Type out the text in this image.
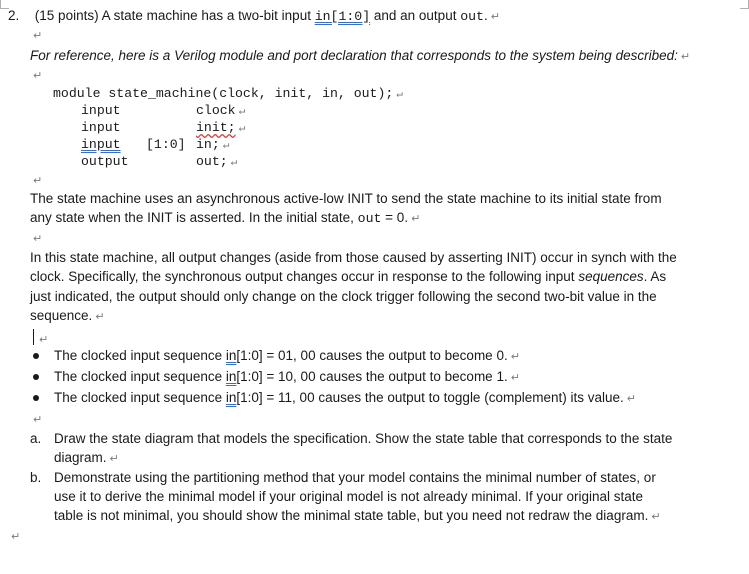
2. (15 points) A state machine has a two-bit input in[1:0] and an output out. ↵
↵
For reference, here is a Verilog module and port declaration that corresponds to the system being described: ↵
↵
module state_machine(clock, init, in, out); ↵
input	clock ↵
input	init; ↵
input [1:0] in; ↵
output	out; ↵
↵
The state machine uses an asynchronous active-low INIT to send the state machine to its initial state from
any state when the INIT is asserted. In the initial state, out = 0. ↵
↵
In this state machine, all output changes (aside from those caused by asserting INIT) occur in synch with the
clock. Specifically, the synchronous output changes occur in response to the following input sequences. As
just indicated, the output should only change on the clock trigger following the second two-bit value in the
sequence. ↵
↵
The clocked input sequence in[1:0] = 01, 00 causes the output to become 0. ↵
The clocked input sequence in[1:0] = 10, 00 causes the output to become 1. ↵
The clocked input sequence in[1:0] = 11, 00 causes the output to toggle (complement) its value. ↵
↵
a. Draw the state diagram that models the specification. Show the state table that corresponds to the state
diagram. ↵
b. Demonstrate using the partitioning method that your model contains the minimal number of states, or
use it to derive the minimal model if your original model is not already minimal. If your original state
table is not minimal, you should show the minimal state table, but you need not redraw the diagram. ↵
↵
